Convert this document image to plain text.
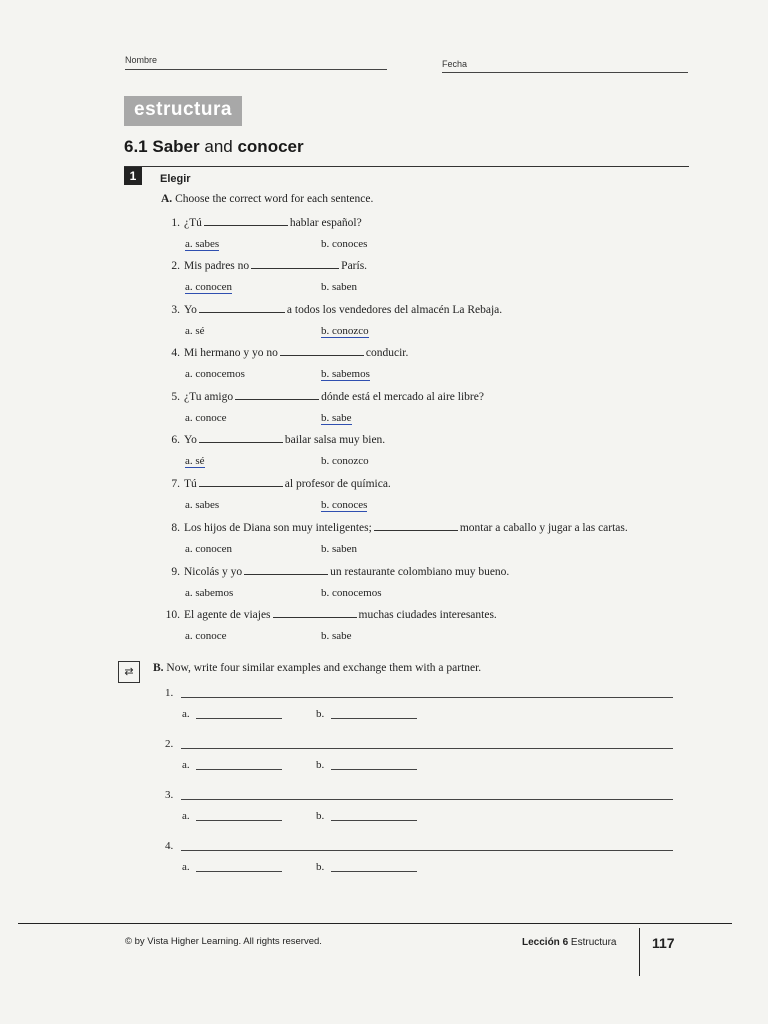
Nombre	Fecha
estructura
6.1 Saber and conocer
1	Elegir
A. Choose the correct word for each sentence.
1. ¿Tú	hablar español?
a. sabes	b. conoces
2. Mis padres no	París.
a. conocen	b. saben
3. Yo	a todos los vendedores del almacén La Rebaja.
a. sé	b. conozco
4. Mi hermano y yo no	conducir.
a. conocemos	b. sabemos
5. ¿Tu amigo	dónde está el mercado al aire libre?
a. conoce	b. sabe
6. Yo	bailar salsa muy bien.
a. sé	b. conozco
7. Tú	al profesor de química.
a. sabes	b. conoces
8. Los hijos de Diana son muy inteligentes;	montar a caballo y jugar a las cartas.
a. conocen	b. saben
9. Nicolás y yo	un restaurante colombiano muy bueno.
a. sabemos	b. conocemos
10. El agente de viajes	muchas ciudades interesantes.
a. conoce	b. sabe
⇄	B. Now, write four similar examples and exchange them with a partner.
1.
a.	b.
2.
a.	b.
3.
a.	b.
4.
a.	b.
© by Vista Higher Learning. All rights reserved.	Lección 6 Estructura	117
